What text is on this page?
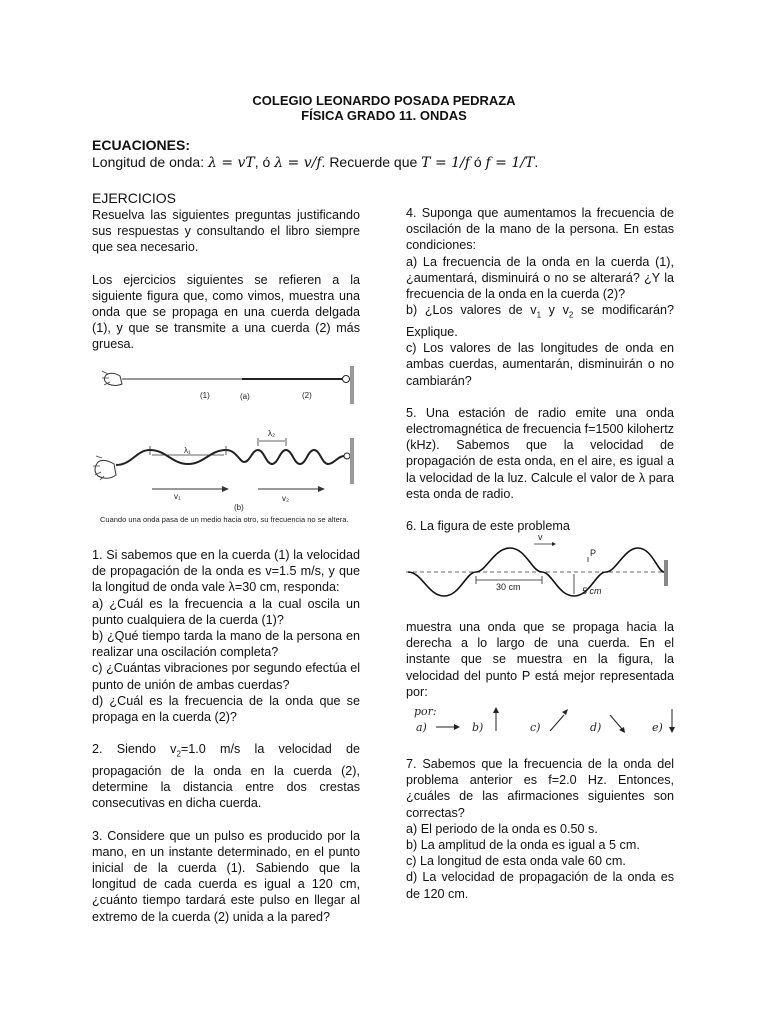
COLEGIO LEONARDO POSADA PEDRAZA
FÍSICA GRADO 11. ONDAS
ECUACIONES:
Longitud de onda: λ = vT, ó λ = v/f. Recuerde que T = 1/f ó f = 1/T.
EJERCICIOS

Resuelva las siguientes preguntas justificando sus respuestas y consultando el libro siempre que sea necesario.

Los ejercicios siguientes se refieren a la siguiente figura que, como vimos, muestra una onda que se propaga en una cuerda delgada (1), y que se transmite a una cuerda (2) más gruesa.

(1)	(a)	(2)
λ₁
λ₂
v₁
(b)
v₂
Cuando una onda pasa de un medio hacia otro, su frecuencia no se altera.

1. Si sabemos que en la cuerda (1) la velocidad de propagación de la onda es v=1.5 m/s, y que la longitud de onda vale λ=30 cm, responda:

a) ¿Cuál es la frecuencia a la cual oscila un punto cualquiera de la cuerda (1)?

b) ¿Qué tiempo tarda la mano de la persona en realizar una oscilación completa?

c) ¿Cuántas vibraciones por segundo efectúa el punto de unión de ambas cuerdas?

d) ¿Cuál es la frecuencia de la onda que se propaga en la cuerda (2)?

2. Siendo $v_2=1.0$ m/s la velocidad de propagación de la onda en la cuerda (2), determine la distancia entre dos crestas consecutivas en dicha cuerda.

3. Considere que un pulso es producido por la mano, en un instante determinado, en el punto inicial de la cuerda (1). Sabiendo que la longitud de cada cuerda es igual a 120 cm, ¿cuánto tiempo tardará este pulso en llegar al extremo de la cuerda (2) unida a la pared?

4. Suponga que aumentamos la frecuencia de oscilación de la mano de la persona. En estas condiciones:

a) La frecuencia de la onda en la cuerda (1), ¿aumentará, disminuirá o no se alterará? ¿Y la frecuencia de la onda en la cuerda (2)?

b) ¿Los valores de $v_1$ y $v_2$ se modificarán? Explique.

c) Los valores de las longitudes de onda en ambas cuerdas, aumentarán, disminuirán o no cambiarán?

5. Una estación de radio emite una onda electromagnética de frecuencia f=1500 kilohertz (kHz). Sabemos que la velocidad de propagación de esta onda, en el aire, es igual a la velocidad de la luz. Calcule el valor de λ para esta onda de radio.

6. La figura de este problema

v
P
30 cm	5 cm

muestra una onda que se propaga hacia la derecha a lo largo de una cuerda. En el instante que se muestra en la figura, la velocidad del punto P está mejor representada por:

por:
a)	b)	c)	d)	e)

7. Sabemos que la frecuencia de la onda del problema anterior es f=2.0 Hz. Entonces, ¿cuáles de las afirmaciones siguientes son correctas?

a) El periodo de la onda es 0.50 s.

b) La amplitud de la onda es igual a 5 cm.

c) La longitud de esta onda vale 60 cm.

d) La velocidad de propagación de la onda es de 120 cm.
